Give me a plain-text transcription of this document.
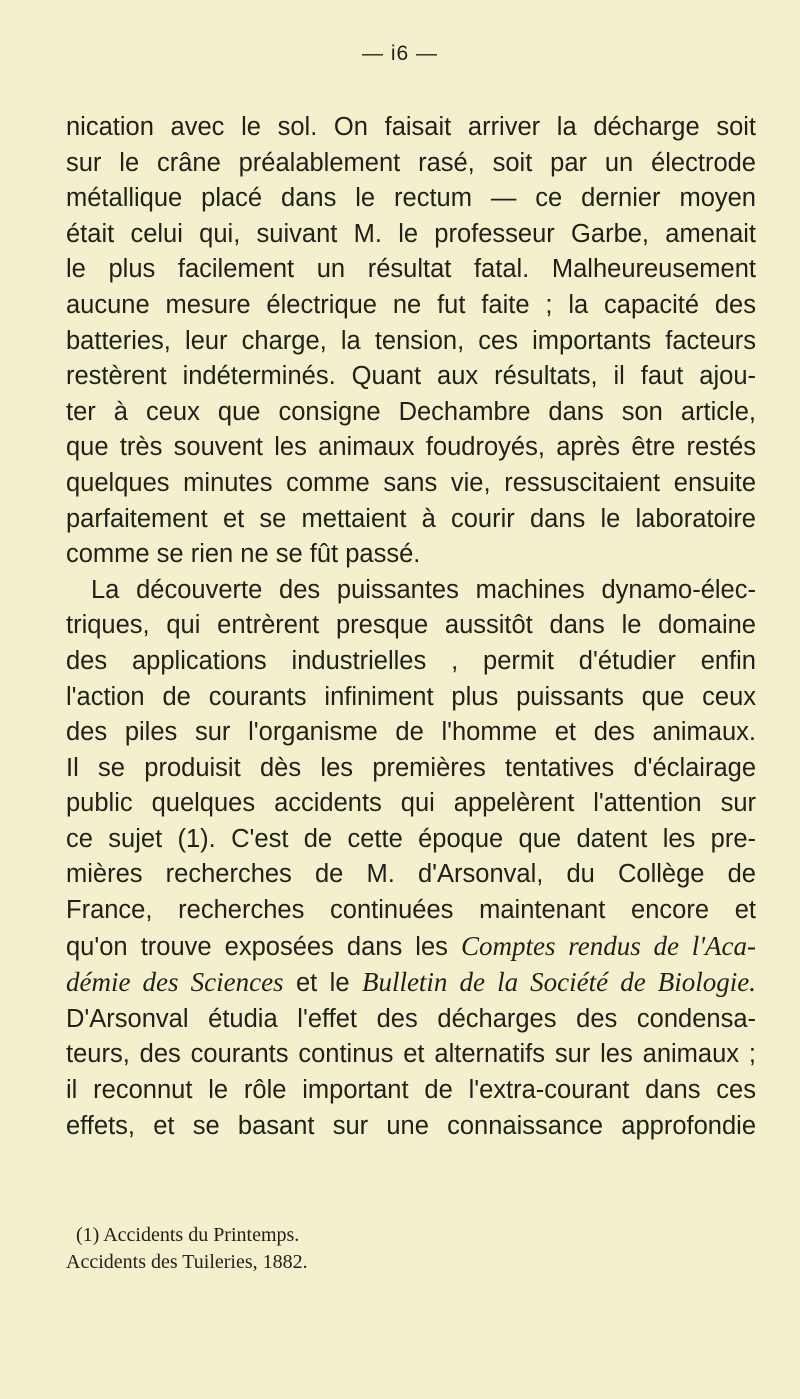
— i6 —
nication avec le sol. On faisait arriver la décharge soit
sur le crâne préalablement rasé, soit par un électrode
métallique placé dans le rectum — ce dernier moyen
était celui qui, suivant M. le professeur Garbe, amenait
le plus facilement un résultat fatal. Malheureusement
aucune mesure électrique ne fut faite ; la capacité des
batteries, leur charge, la tension, ces importants facteurs
restèrent indéterminés. Quant aux résultats, il faut ajou-
ter à ceux que consigne Dechambre dans son article,
que très souvent les animaux foudroyés, après être restés
quelques minutes comme sans vie, ressuscitaient ensuite
parfaitement et se mettaient à courir dans le laboratoire
comme se rien ne se fût passé.
La découverte des puissantes machines dynamo-élec-
triques, qui entrèrent presque aussitôt dans le domaine
des applications industrielles , permit d'étudier enfin
l'action de courants infiniment plus puissants que ceux
des piles sur l'organisme de l'homme et des animaux.
Il se produisit dès les premières tentatives d'éclairage
public quelques accidents qui appelèrent l'attention sur
ce sujet (1). C'est de cette époque que datent les pre-
mières recherches de M. d'Arsonval, du Collège de
France, recherches continuées maintenant encore et
qu'on trouve exposées dans les Comptes rendus de l'Aca-
démie des Sciences et le Bulletin de la Société de Biologie.
D'Arsonval étudia l'effet des décharges des condensa-
teurs, des courants continus et alternatifs sur les animaux ;
il reconnut le rôle important de l'extra-courant dans ces
effets, et se basant sur une connaissance approfondie
(1) Accidents du Printemps.
Accidents des Tuileries, 1882.
